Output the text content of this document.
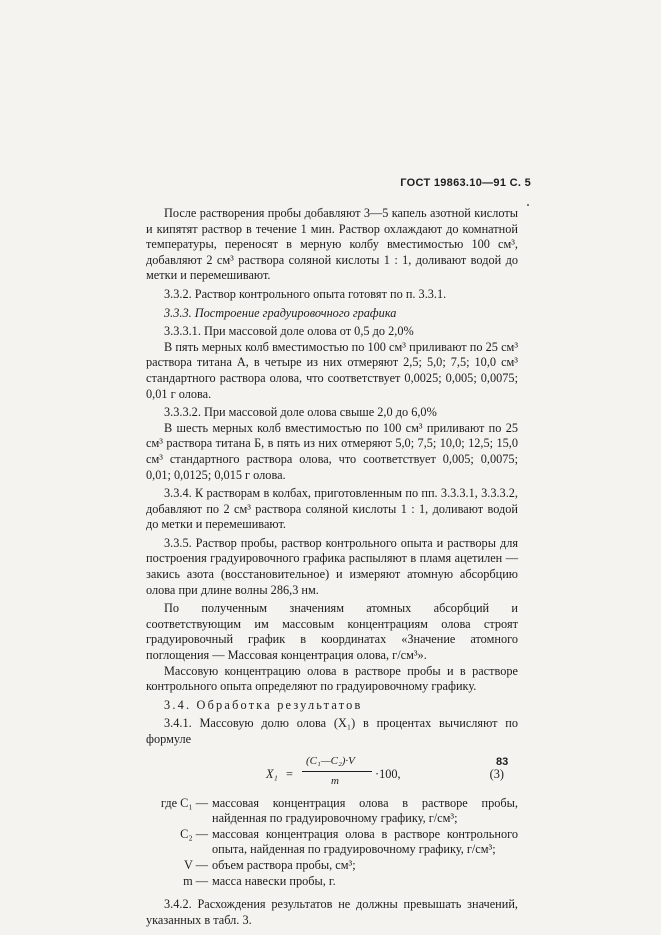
ГОСТ 19863.10—91 С. 5

После растворения пробы добавляют 3—5 капель азотной кислоты и кипятят раствор в течение 1 мин. Раствор охлаждают до комнатной температуры, переносят в мерную колбу вместимостью 100 см³, добавляют 2 см³ раствора соляной кислоты 1 : 1, доливают водой до метки и перемешивают.

3.3.2. Раствор контрольного опыта готовят по п. 3.3.1.

3.3.3. Построение градуировочного графика

3.3.3.1. При массовой доле олова от 0,5 до 2,0%

В пять мерных колб вместимостью по 100 см³ приливают по 25 см³ раствора титана А, в четыре из них отмеряют 2,5; 5,0; 7,5; 10,0 см³ стандартного раствора олова, что соответствует 0,0025; 0,005; 0,0075; 0,01 г олова.

3.3.3.2. При массовой доле олова свыше 2,0 до 6,0%

В шесть мерных колб вместимостью по 100 см³ приливают по 25 см³ раствора титана Б, в пять из них отмеряют 5,0; 7,5; 10,0; 12,5; 15,0 см³ стандартного раствора олова, что соответствует 0,005; 0,0075; 0,01; 0,0125; 0,015 г олова.

3.3.4. К растворам в колбах, приготовленным по пп. 3.3.3.1, 3.3.3.2, добавляют по 2 см³ раствора соляной кислоты 1 : 1, доливают водой до метки и перемешивают.

3.3.5. Раствор пробы, раствор контрольного опыта и растворы для построения градуировочного графика распыляют в пламя ацетилен — закись азота (восстановительное) и измеряют атомную абсорбцию олова при длине волны 286,3 нм.

По полученным значениям атомных абсорбций и соответствующим им массовым концентрациям олова строят градуировочный график в координатах «Значение атомного поглощения — Массовая концентрация олова, г/см³».

Массовую концентрацию олова в растворе пробы и в растворе контрольного опыта определяют по градуировочному графику.

3.4. Обработка результатов

3.4.1. Массовую долю олова (X₁) в процентах вычисляют по формуле

X₁ =
(C₁—C₂)·V
m	·100,	(3)
где C₁ — массовая концентрация олова в растворе пробы, найденная по градуировочному графику, г/см³;
C₂ — массовая концентрация олова в растворе контрольного опыта, найденная по градуировочному графику, г/см³;
V — объем раствора пробы, см³;
m — масса навески пробы, г.

3.4.2. Расхождения результатов не должны превышать значений, указанных в табл. 3.

83
